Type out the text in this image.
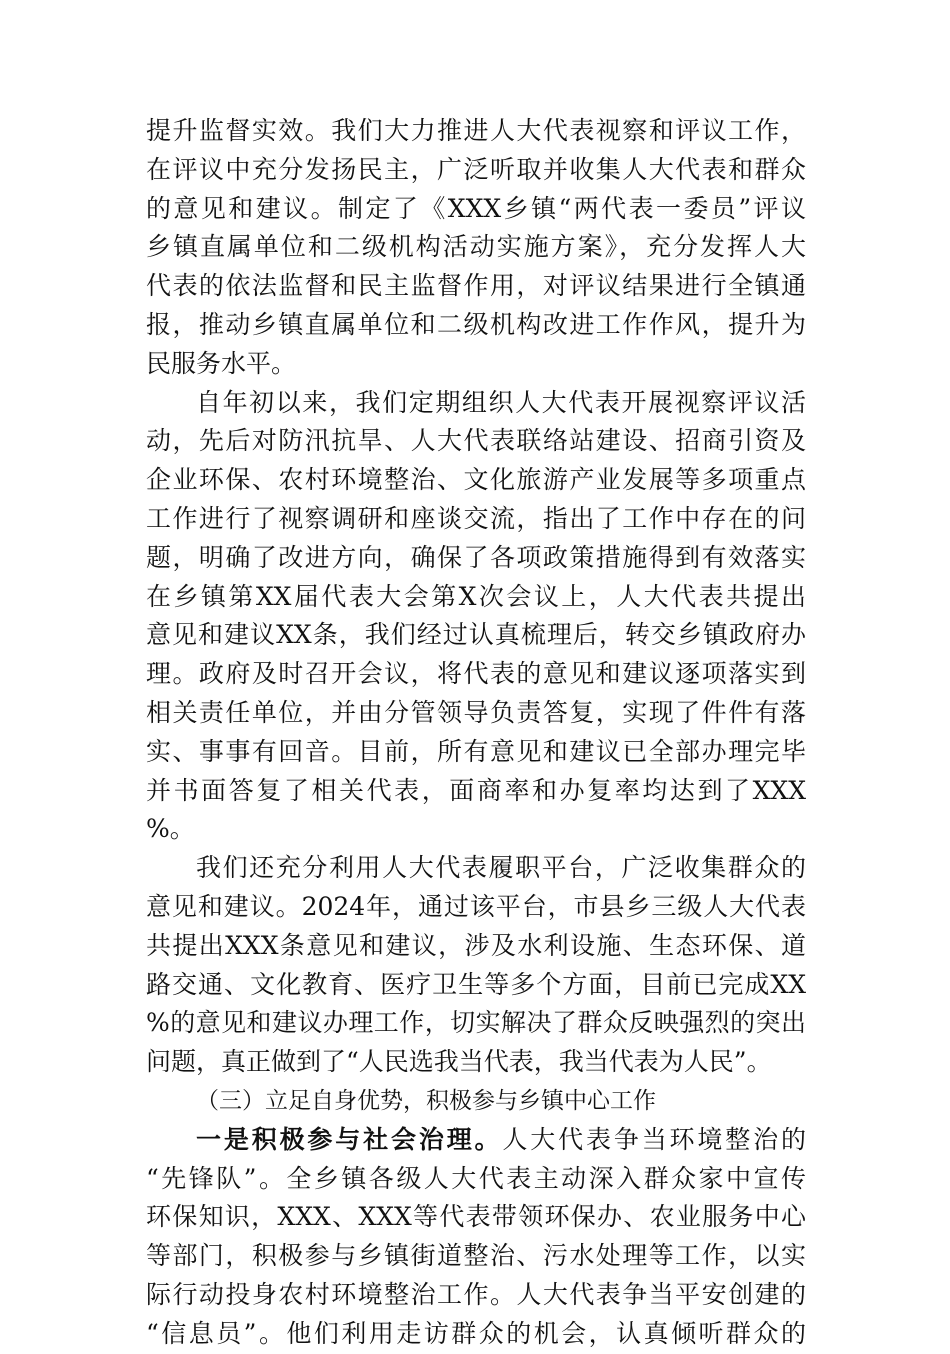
提升监督实效。我们大力推进人大代表视察和评议工作，
在评议中充分发扬民主，广泛听取并收集人大代表和群众
的意见和建议。制定了《XXX乡镇“两代表一委员”评议
乡镇直属单位和二级机构活动实施方案》，充分发挥人大
代表的依法监督和民主监督作用，对评议结果进行全镇通
报，推动乡镇直属单位和二级机构改进工作作风，提升为
民服务水平。
自年初以来，我们定期组织人大代表开展视察评议活
动，先后对防汛抗旱、人大代表联络站建设、招商引资及
企业环保、农村环境整治、文化旅游产业发展等多项重点
工作进行了视察调研和座谈交流，指出了工作中存在的问
题，明确了改进方向，确保了各项政策措施得到有效落实
在乡镇第XX届代表大会第X次会议上，人大代表共提出
意见和建议XX条，我们经过认真梳理后，转交乡镇政府办
理。政府及时召开会议，将代表的意见和建议逐项落实到
相关责任单位，并由分管领导负责答复，实现了件件有落
实、事事有回音。目前，所有意见和建议已全部办理完毕
并书面答复了相关代表，面商率和办复率均达到了XXX
%。
我们还充分利用人大代表履职平台，广泛收集群众的
意见和建议。2024年，通过该平台，市县乡三级人大代表
共提出XXX条意见和建议，涉及水利设施、生态环保、道
路交通、文化教育、医疗卫生等多个方面，目前已完成XX
%的意见和建议办理工作，切实解决了群众反映强烈的突出
问题，真正做到了“人民选我当代表，我当代表为人民”。
（三）立足自身优势，积极参与乡镇中心工作
一是积极参与社会治理。人大代表争当环境整治的
“先锋队”。全乡镇各级人大代表主动深入群众家中宣传
环保知识，XXX、XXX等代表带领环保办、农业服务中心
等部门，积极参与乡镇街道整治、污水处理等工作，以实
际行动投身农村环境整治工作。人大代表争当平安创建的
“信息员”。他们利用走访群众的机会，认真倾听群众的
